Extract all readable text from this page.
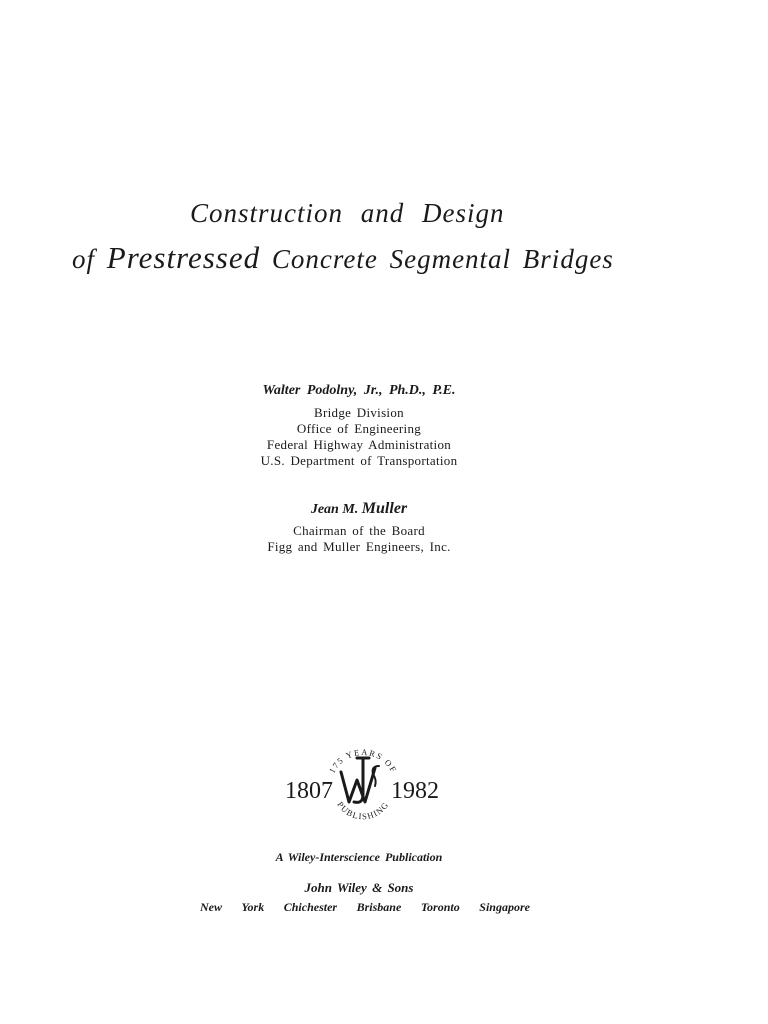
Construction and Design
of Prestressed Concrete Segmental Bridges
Walter Podolny, Jr., Ph.D., P.E.
Bridge Division
Office of Engineering
Federal Highway Administration
U.S. Department of Transportation
Jean M. Muller
Chairman of the Board
Figg and Muller Engineers, Inc.
1807 1982
175 YEARS OF
PUBLISHING
A Wiley-Interscience Publication
John Wiley & Sons
New York Chichester Brisbane Toronto Singapore
